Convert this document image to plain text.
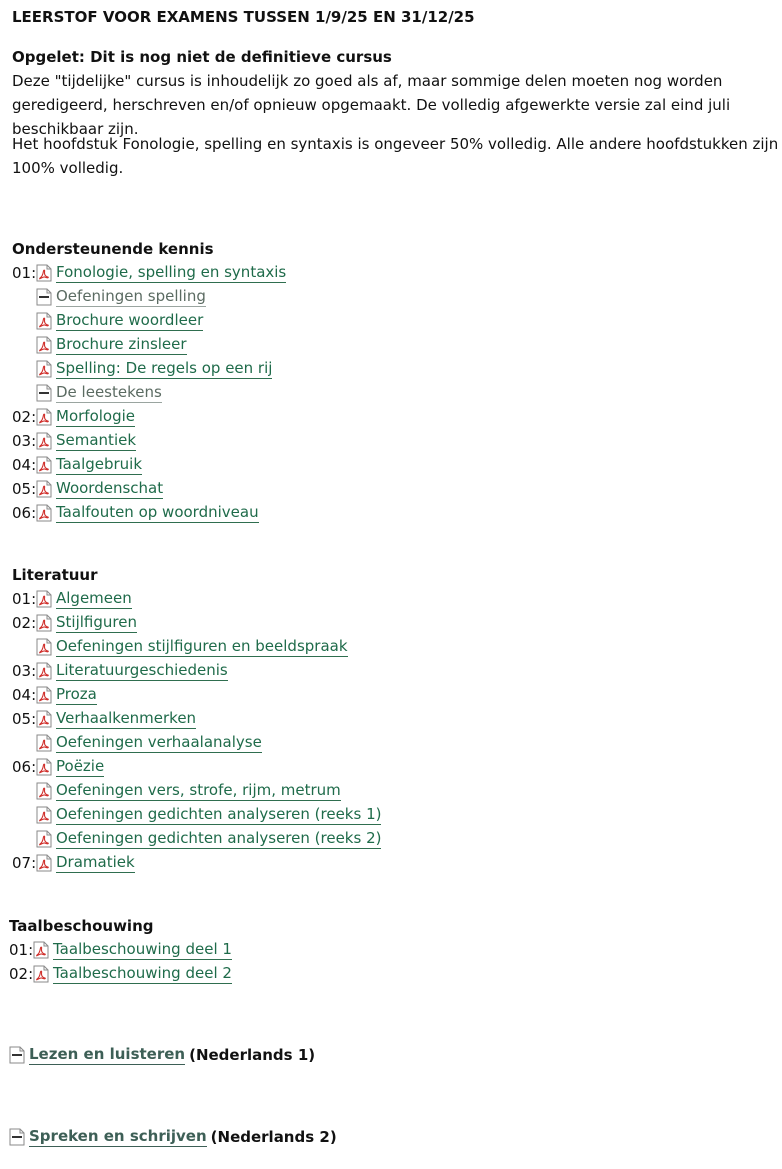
LEERSTOF VOOR EXAMENS TUSSEN 1/9/25 EN 31/12/25
Opgelet: Dit is nog niet de definitieve cursus
Deze "tijdelijke" cursus is inhoudelijk zo goed als af, maar sommige delen moeten nog worden geredigeerd, herschreven en/of opnieuw opgemaakt. De volledig afgewerkte versie zal eind juli beschikbaar zijn.
Het hoofdstuk Fonologie, spelling en syntaxis is ongeveer 50% volledig. Alle andere hoofdstukken zijn 100% volledig.
Ondersteunende kennis
01: Fonologie, spelling en syntaxis
Oefeningen spelling
Brochure woordleer
Brochure zinsleer
Spelling: De regels op een rij
De leestekens
02: Morfologie
03: Semantiek
04: Taalgebruik
05: Woordenschat
06: Taalfouten op woordniveau
Literatuur
01: Algemeen
02: Stijlfiguren
Oefeningen stijlfiguren en beeldspraak
03: Literatuurgeschiedenis
04: Proza
05: Verhaalkenmerken
Oefeningen verhaalanalyse
06: Poëzie
Oefeningen vers, strofe, rijm, metrum
Oefeningen gedichten analyseren (reeks 1)
Oefeningen gedichten analyseren (reeks 2)
07: Dramatiek
Taalbeschouwing
01: Taalbeschouwing deel 1
02: Taalbeschouwing deel 2
Lezen en luisteren (Nederlands 1)
Spreken en schrijven (Nederlands 2)
